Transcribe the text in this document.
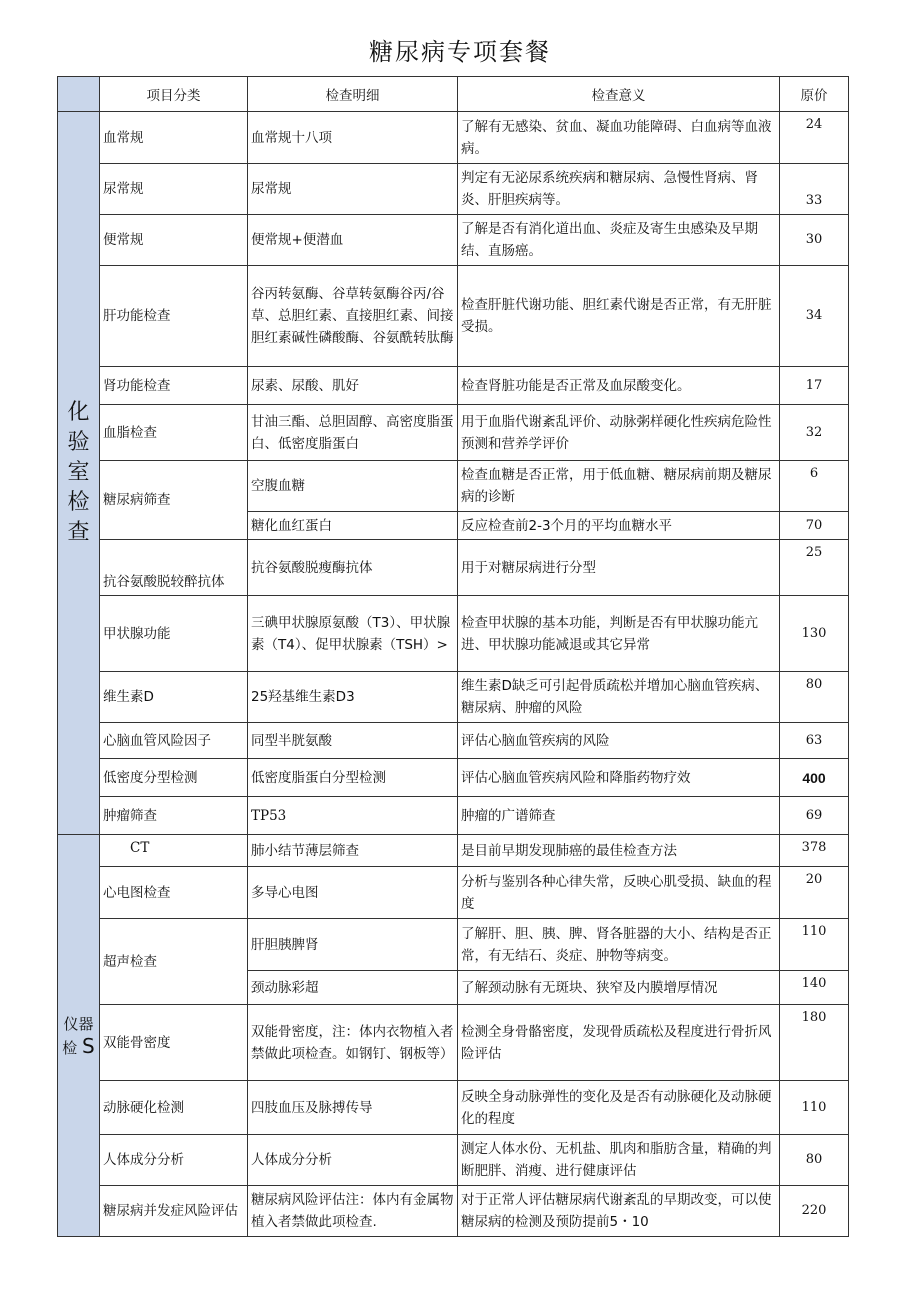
糖尿病专项套餐
	项目分类	检查明细	检查意义	原价

化验室检查	血常规	血常规十八项	了解有无感染、贫血、凝血功能障碍、白血病等血液病。	24
	尿常规	尿常规	判定有无泌尿系统疾病和糖尿病、急慢性肾病、肾炎、肝胆疾病等。	33
	便常规	便常规+便潜血	了解是否有消化道出血、炎症及寄生虫感染及早期结、直肠癌。	30
	肝功能检查	谷丙转氨酶、谷草转氨酶谷丙/谷草、总胆红素、直接胆红素、间接胆红素碱性磷酸酶、谷氨酰转肽酶	检查肝脏代谢功能、胆红素代谢是否正常，有无肝脏受损。	34
	肾功能检查	尿素、尿酸、肌好	检查肾脏功能是否正常及血尿酸变化。	17
	血脂检查	甘油三酯、总胆固醇、高密度脂蛋白、低密度脂蛋白	用于血脂代谢紊乱评价、动脉粥样硬化性疾病危险性预测和营养学评价	32
	糖尿病筛查	空腹血糖	检查血糖是否正常，用于低血糖、糖尿病前期及糖尿病的诊断	6
		糖化血红蛋白	反应检查前2-3个月的平均血糖水平	70
	抗谷氨酸脱较醉抗体	抗谷氨酸脱瘦酶抗体	用于对糖尿病进行分型	25
	甲状腺功能	三碘甲状腺原氨酸（T3）、甲状腺素（T4）、促甲状腺素（TSH）>	检查甲状腺的基本功能，判断是否有甲状腺功能亢进、甲状腺功能减退或其它异常	130
	维生素D	25羟基维生素D3	维生素D缺乏可引起骨质疏松并增加心脑血管疾病、糖尿病、肿瘤的风险	80
	心脑血管风险因子	同型半胱氨酸	评估心脑血管疾病的风险	63
	低密度分型检测	低密度脂蛋白分型检测	评估心脑血管疾病风险和降脂药物疗效	400
	肿瘤筛查	TP53	肿瘤的广谱筛查	69

仪器
检 S	CT	肺小结节薄层筛查	是目前早期发现肺癌的最佳检查方法	378
	心电图检查	多导心电图	分析与鉴别各种心律失常，反映心肌受损、缺血的程度	20
	超声检查	肝胆胰脾肾	了解肝、胆、胰、脾、肾各脏器的大小、结构是否正常，有无结石、炎症、肿物等病变。	110
		颈动脉彩超	了解颈动脉有无斑块、狭窄及内膜增厚情况	140
	双能骨密度	双能骨密度，注：体内衣物植入者禁做此项检查。如钢钉、钢板等）	检测全身骨骼密度，发现骨质疏松及程度进行骨折风险评估	180
	动脉硬化检测	四肢血压及脉搏传导	反映全身动脉弹性的变化及是否有动脉硬化及动脉硬化的程度	110
	人体成分分析	人体成分分析	测定人体水份、无机盐、肌肉和脂肪含量，精确的判断肥胖、消瘦、进行健康评估	80
	糖尿病并发症风险评估	糖尿病风险评估注：体内有金属物植入者禁做此项检查.	对于正常人评估糖尿病代谢紊乱的早期改变，可以使糖尿病的检测及预防提前5・10	220
